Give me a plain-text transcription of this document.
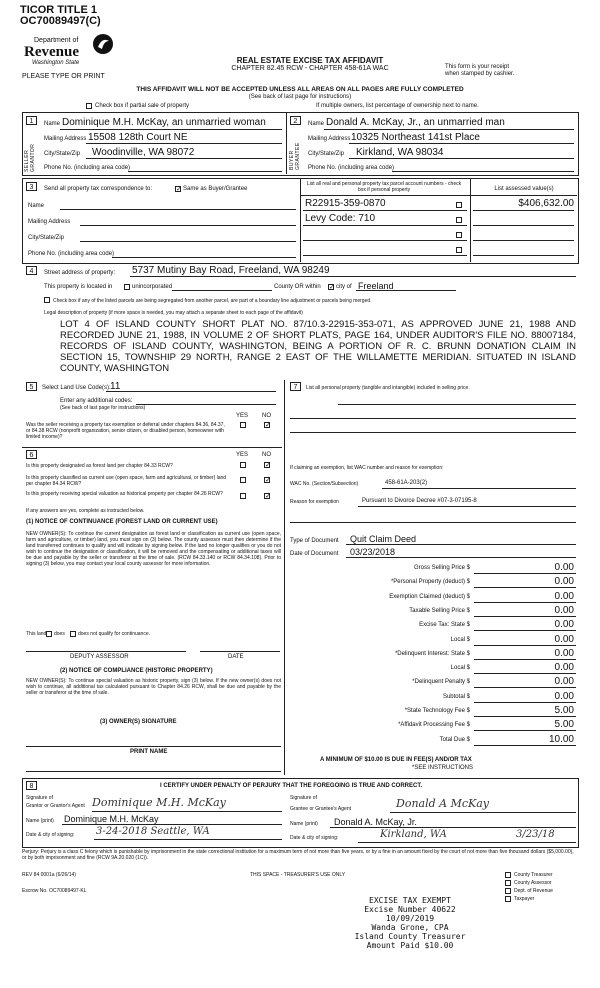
TICOR TITLE 1
OC70089497(C)
Department of
Revenue
Washington State
PLEASE TYPE OR PRINT
REAL ESTATE EXCISE TAX AFFIDAVIT
CHAPTER 82.45 RCW - CHAPTER 458-61A WAC	This form is your receipt
when stamped by cashier.
THIS AFFIDAVIT WILL NOT BE ACCEPTED UNLESS ALL AREAS ON ALL PAGES ARE FULLY COMPLETED
(See back of last page for instructions)
Check box if partial sale of property	If multiple owners, list percentage of ownership next to name.
1
SELLER GRANTOR
Name Dominique M.H. McKay, an unmarried woman
Mailing Address 15508 128th Court NE
City/State/Zip Woodinville, WA 98072
Phone No. (including area code)
2
BUYER GRANTEE
Name Donald A. McKay, Jr., an unmarried man
Mailing Address 10325 Northeast 141st Place
City/State/Zip Kirkland, WA 98034
Phone No. (including area code)
3	Send all property tax correspondence to:	✓ Same as Buyer/Grantee
Name
Mailing Address
City/State/Zip
Phone No. (including area code)
List all real and personal property tax parcel account numbers - check box if personal property	List assessed value(s)
R22915-359-0870	$406,632.00
Levy Code: 710
4	Street address of property: 5737 Mutiny Bay Road, Freeland, WA 98249
This property is located in	unincorporated	County OR within ✓ city of Freeland
Check box if any of the listed parcels are being segregated from another parcel, are part of a boundary line adjustment or parcels being merged.
Legal description of property (if more space is needed, you may attach a separate sheet to each page of the affidavit)
LOT 4 OF ISLAND COUNTY SHORT PLAT NO. 87/10.3-22915-353-071, AS APPROVED JUNE 21, 1988 AND RECORDED JUNE 21, 1988, IN VOLUME 2 OF SHORT PLATS, PAGE 164, UNDER AUDITOR'S FILE NO. 88007184, RECORDS OF ISLAND COUNTY, WASHINGTON, BEING A PORTION OF R. C. BRUNN DONATION CLAIM IN SECTION 15, TOWNSHIP 29 NORTH, RANGE 2 EAST OF THE WILLAMETTE MERIDIAN. SITUATED IN ISLAND COUNTY, WASHINGTON
5	Select Land Use Code(s): 11
Enter any additional codes:
(See back of last page for instructions)
YES NO
Was the seller receiving a property tax exemption or deferral under chapters 84.36, 84.37, or 84.38 RCW (nonprofit organization, senior citizen, or disabled person, homeowner with limited income)?
✓
6	YES NO
Is this property designated as forest land per chapter 84.33 RCW?	✓
Is this property classified as current use (open space, farm and agricultural, or timber) land per chapter 84.34 RCW?	✓
Is this property receiving special valuation as historical property per chapter 84.26 RCW?	✓
If any answers are yes, complete as instructed below.
(1) NOTICE OF CONTINUANCE (FOREST LAND OR CURRENT USE)
NEW OWNER(S): To continue the current designation as forest land or classification as current use (open space, farm and agriculture, or timber) land, you must sign on (3) below. The county assessor must then determine if the land transferred continues to qualify and will indicate by signing below. If the land no longer qualifies or you do not wish to continue the designation or classification, it will be removed and the compensating or additional taxes will be due and payable by the seller or transferor at the time of sale. (RCW 84.33.140 or RCW 84.34.108). Prior to signing (3) below, you may contact your local county assessor for more information.
This land does	does not qualify for continuance.
DEPUTY ASSESSOR	DATE
(2) NOTICE OF COMPLIANCE (HISTORIC PROPERTY)
NEW OWNER(S): To continue special valuation as historic property, sign (3) below. If the new owner(s) does not wish to continue, all additional tax calculated pursuant to Chapter 84.26 RCW, shall be due and payable by the seller or transferor at the time of sale.
(3) OWNER(S) SIGNATURE
PRINT NAME
7	List all personal property (tangible and intangible) included in selling price.
If claiming an exemption, list WAC number and reason for exemption:
WAC No. (Section/Subsection)	458-61A-203(2)
Reason for exemption	Pursuant to Divorce Decree #07-3-07195-8
Type of Document Quit Claim Deed
Date of Document 03/23/2018
Gross Selling Price $	0.00
*Personal Property (deduct) $	0.00
Exemption Claimed (deduct) $	0.00
Taxable Selling Price $	0.00
Excise Tax: State $	0.00
Local $	0.00
*Delinquent Interest: State $	0.00
Local $	0.00
*Delinquent Penalty $	0.00
Subtotal $	0.00
*State Technology Fee $	5.00
*Affidavit Processing Fee $	5.00
Total Due $	10.00
A MINIMUM OF $10.00 IS DUE IN FEE(S) AND/OR TAX
*SEE INSTRUCTIONS
8	I CERTIFY UNDER PENALTY OF PERJURY THAT THE FOREGOING IS TRUE AND CORRECT.
Signature of
Grantor or Grantor's Agent Dominique M.H. McKay
Name (print) Dominique M.H. McKay
Date & city of signing: 3-24-2018 Seattle, WA
Signature of
Grantee or Grantee's Agent	Donald A McKay
Name (print) Donald A. McKay, Jr.
Date & city of signing:	Kirkland, WA	3/23/18
Perjury: Perjury is a class C felony which is punishable by imprisonment in the state correctional institution for a maximum term of not more than five years, or by a fine in an amount fixed by the court of not more than five thousand dollars ($5,000.00), or by both imprisonment and fine (RCW 9A.20.020 (1C)).
REV 84 0001a (6/26/14)	THIS SPACE - TREASURER'S USE ONLY
Escrow No. OC70089497-KL
County Treasurer
County Assessor
Dept. of Revenue
Taxpayer
EXCISE TAX EXEMPT
Excise Number 40622
10/09/2019
Wanda Grone, CPA
Island County Treasurer
Amount Paid $10.00
